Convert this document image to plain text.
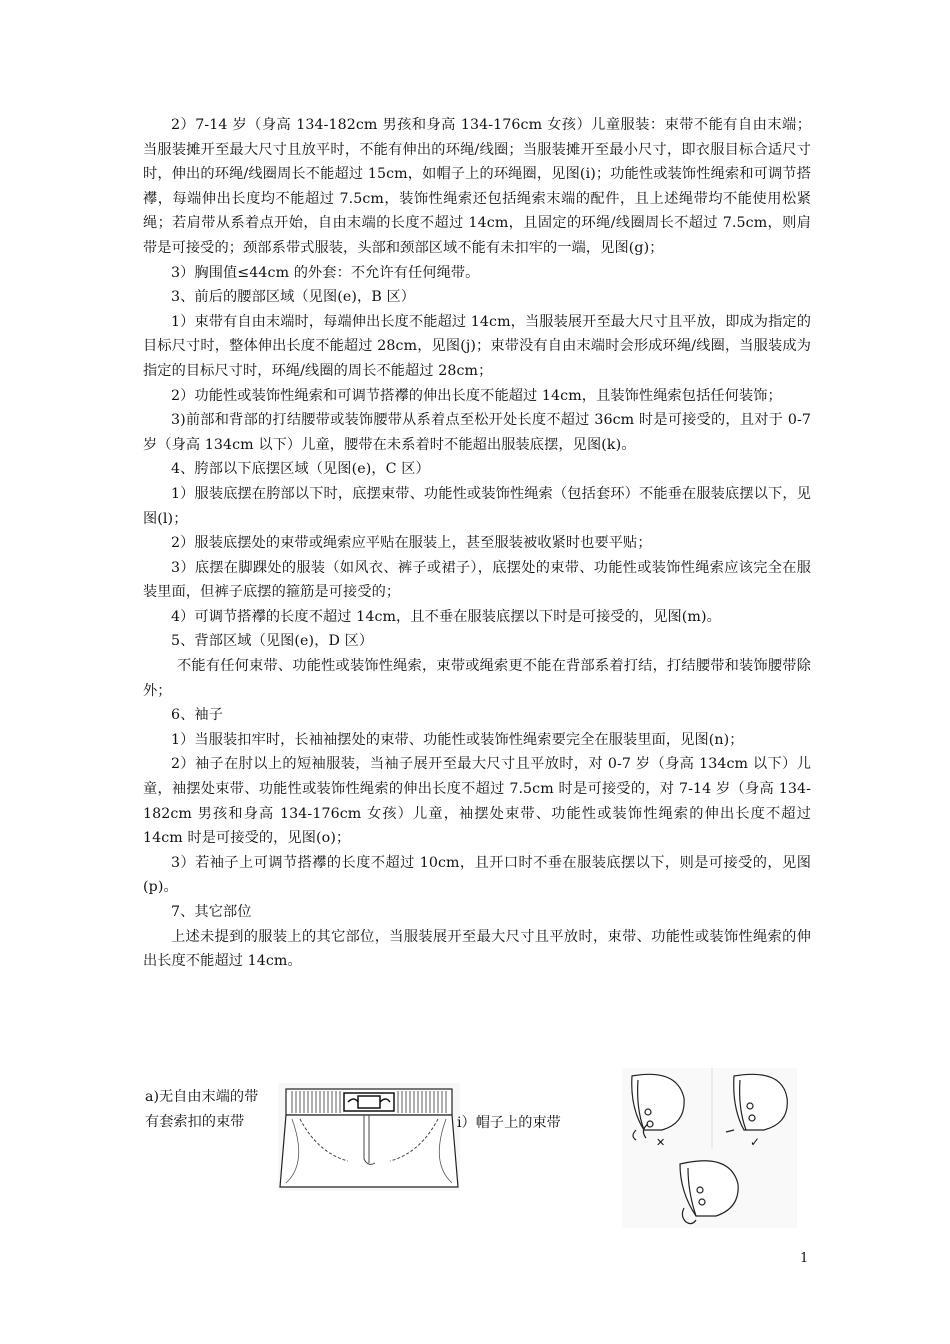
2）7-14 岁（身高 134-182cm 男孩和身高 134-176cm 女孩）儿童服装：束带不能有自由末端；当服装摊开至最大尺寸且放平时，不能有伸出的环绳/线圈；当服装摊开至最小尺寸，即衣服目标合适尺寸时，伸出的环绳/线圈周长不能超过 15cm，如帽子上的环绳圈，见图(i)；功能性或装饰性绳索和可调节搭襻，每端伸出长度均不能超过 7.5cm，装饰性绳索还包括绳索末端的配件，且上述绳带均不能使用松紧绳；若肩带从系着点开始，自由末端的长度不超过 14cm，且固定的环绳/线圈周长不超过 7.5cm，则肩带是可接受的；颈部系带式服装，头部和颈部区域不能有未扣牢的一端，见图(g)；

3）胸围值≤44cm 的外套：不允许有任何绳带。

3、前后的腰部区域（见图(e)，B 区）

1）束带有自由末端时，每端伸出长度不能超过 14cm，当服装展开至最大尺寸且平放，即成为指定的目标尺寸时，整体伸出长度不能超过 28cm，见图(j)；束带没有自由末端时会形成环绳/线圈，当服装成为指定的目标尺寸时，环绳/线圈的周长不能超过 28cm；

2）功能性或装饰性绳索和可调节搭襻的伸出长度不能超过 14cm，且装饰性绳索包括任何装饰；

3)前部和背部的打结腰带或装饰腰带从系着点至松开处长度不超过 36cm 时是可接受的，且对于 0-7 岁（身高 134cm 以下）儿童，腰带在未系着时不能超出服装底摆，见图(k)。

4、胯部以下底摆区域（见图(e)，C 区）

1）服装底摆在胯部以下时，底摆束带、功能性或装饰性绳索（包括套环）不能垂在服装底摆以下，见图(l)；

2）服装底摆处的束带或绳索应平贴在服装上，甚至服装被收紧时也要平贴；

3）底摆在脚踝处的服装（如风衣、裤子或裙子），底摆处的束带、功能性或装饰性绳索应该完全在服装里面，但裤子底摆的箍筋是可接受的；

4）可调节搭襻的长度不超过 14cm，且不垂在服装底摆以下时是可接受的，见图(m)。

5、背部区域（见图(e)，D 区）

不能有任何束带、功能性或装饰性绳索，束带或绳索更不能在背部系着打结，打结腰带和装饰腰带除外；

6、袖子

1）当服装扣牢时，长袖袖摆处的束带、功能性或装饰性绳索要完全在服装里面，见图(n)；

2）袖子在肘以上的短袖服装，当袖子展开至最大尺寸且平放时，对 0-7 岁（身高 134cm 以下）儿童，袖摆处束带、功能性或装饰性绳索的伸出长度不超过 7.5cm 时是可接受的，对 7-14 岁（身高 134-182cm 男孩和身高 134-176cm 女孩）儿童，袖摆处束带、功能性或装饰性绳索的伸出长度不超过 14cm 时是可接受的，见图(o)；

3）若袖子上可调节搭襻的长度不超过 10cm，且开口时不垂在服装底摆以下，则是可接受的，见图(p)。

7、其它部位

上述未提到的服装上的其它部位，当服装展开至最大尺寸且平放时，束带、功能性或装饰性绳索的伸出长度不能超过 14cm。

a)无自由末端的带有套索扣的束带	i）帽子上的束带
✕	✓
1
